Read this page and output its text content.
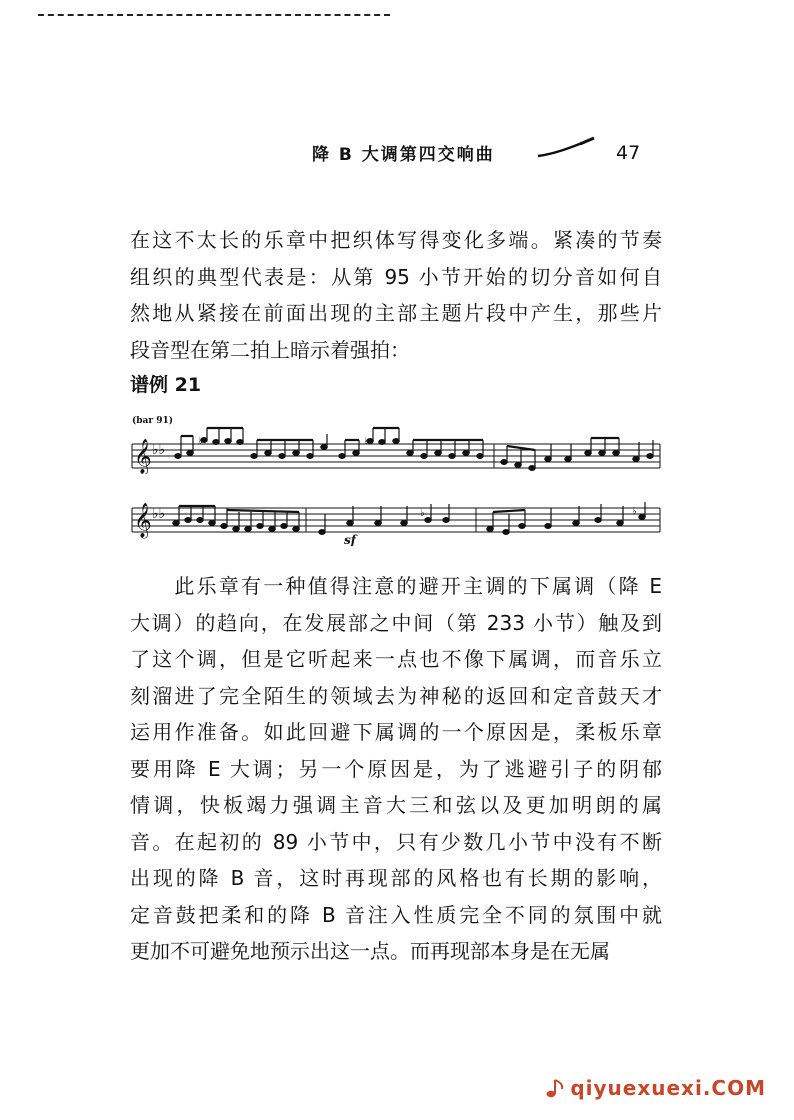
降 B 大调第四交响曲	47
在这不太长的乐章中把织体写得变化多端。紧凑的节奏
组织的典型代表是：从第 95 小节开始的切分音如何自
然地从紧接在前面出现的主部主题片段中产生，那些片
段音型在第二拍上暗示着强拍：
谱例 21
(bar 91)
𝄞 ♭♭
♭	♭
𝄞 ♭♭	♭	♭
sf
　　此乐章有一种值得注意的避开主调的下属调（降 E
大调）的趋向，在发展部之中间（第 233 小节）触及到
了这个调，但是它听起来一点也不像下属调，而音乐立
刻溜进了完全陌生的领域去为神秘的返回和定音鼓天才
运用作准备。如此回避下属调的一个原因是，柔板乐章
要用降 E 大调；另一个原因是，为了逃避引子的阴郁
情调，快板竭力强调主音大三和弦以及更加明朗的属
音。在起初的 89 小节中，只有少数几小节中没有不断
出现的降 B 音，这时再现部的风格也有长期的影响，
定音鼓把柔和的降 B 音注入性质完全不同的氛围中就
更加不可避免地预示出这一点。而再现部本身是在无属
qiyuexuexi.COM
